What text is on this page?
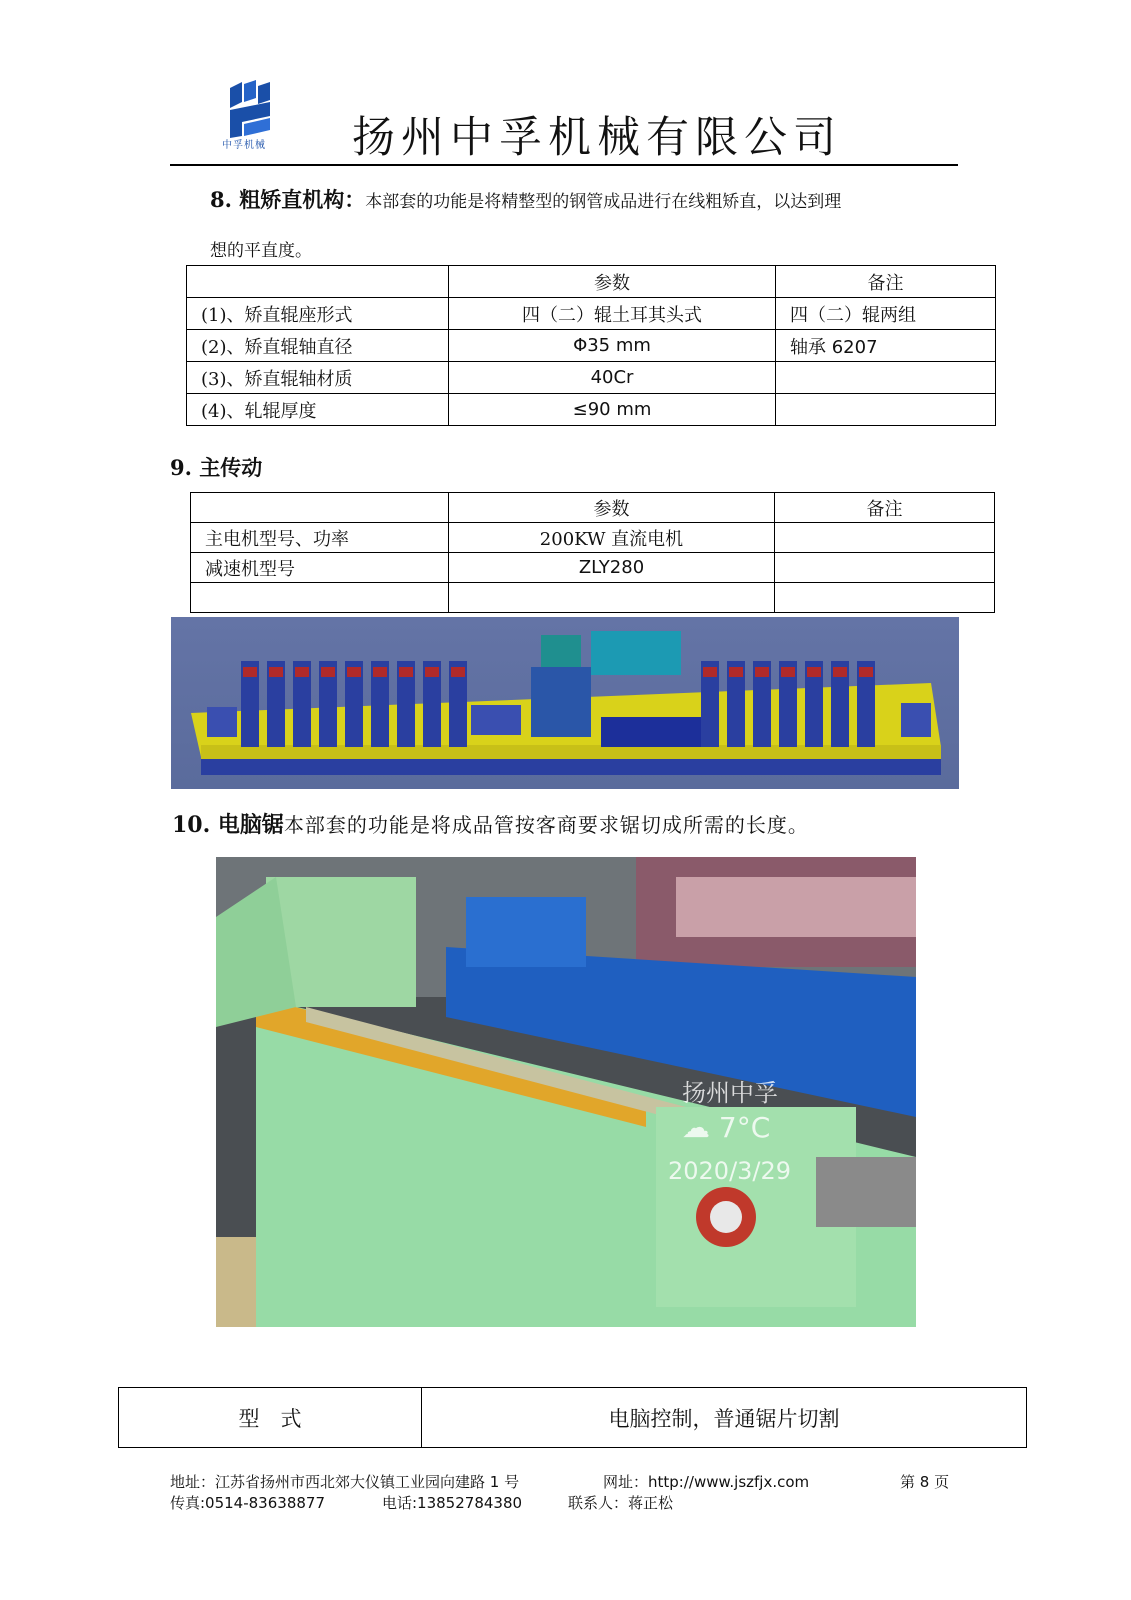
中孚机械	扬州中孚机械有限公司
8. 粗矫直机构：本部套的功能是将精整型的钢管成品进行在线粗矫直，以达到理
想的平直度。
	参数	备注
(1)、矫直辊座形式	四（二）辊土耳其头式	四（二）辊两组
(2)、矫直辊轴直径	Φ35 mm	轴承 6207
(3)、矫直辊轴材质	40Cr	
(4)、轧辊厚度	≤90 mm	
9. 主传动
	参数	备注
主电机型号、功率	200KW 直流电机	
减速机型号	ZLY280	

10. 电脑锯本部套的功能是将成品管按客商要求锯切成所需的长度。
扬州中孚
☁ 7°C
2020/3/29
型　式	电脑控制，普通锯片切割
地址：江苏省扬州市西北郊大仪镇工业园向建路 1 号	网址：http://www.jszfjx.com	第 8 页
传真:0514-83638877	电话:13852784380	联系人：蒋正松
